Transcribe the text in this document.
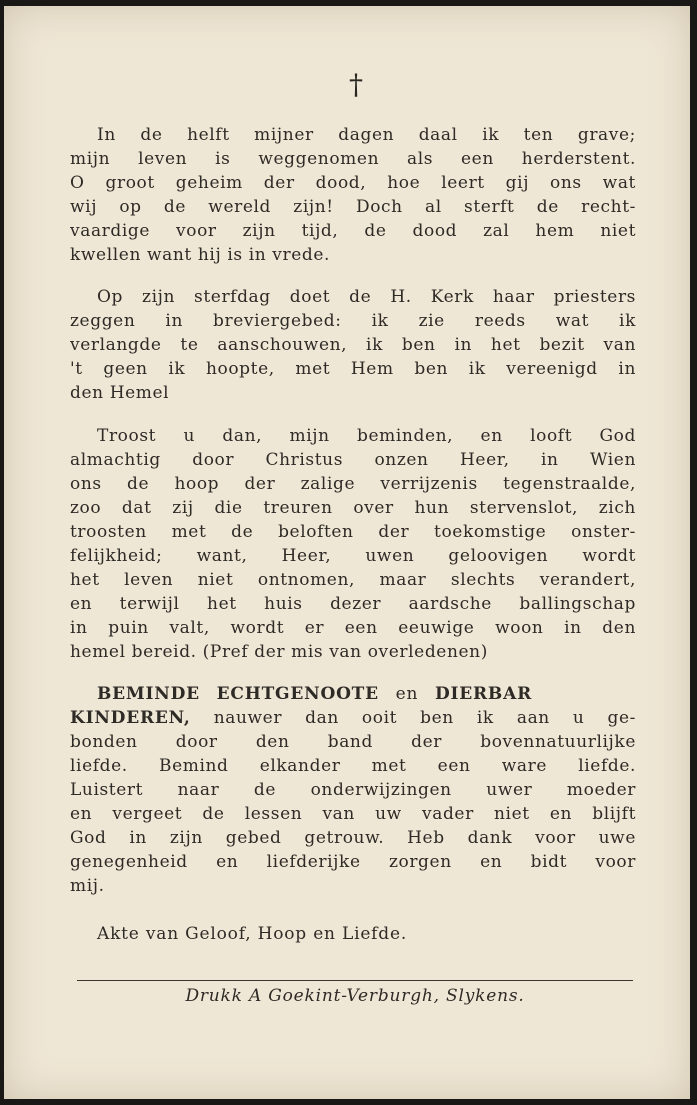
†
In de helft mijner dagen daal ik ten grave;
mijn leven is weggenomen als een herderstent.
O groot geheim der dood, hoe leert gij ons wat
wij op de wereld zijn! Doch al sterft de recht-
vaardige voor zijn tijd, de dood zal hem niet
kwellen want hij is in vrede.
Op zijn sterfdag doet de H. Kerk haar priesters
zeggen in breviergebed: ik zie reeds wat ik
verlangde te aanschouwen, ik ben in het bezit van
't geen ik hoopte, met Hem ben ik vereenigd in
den Hemel
Troost u dan, mijn beminden, en looft God
almachtig door Christus onzen Heer, in Wien
ons de hoop der zalige verrijzenis tegenstraalde,
zoo dat zij die treuren over hun stervenslot, zich
troosten met de beloften der toekomstige onster-
felijkheid; want, Heer, uwen geloovigen wordt
het leven niet ontnomen, maar slechts verandert,
en terwijl het huis dezer aardsche ballingschap
in puin valt, wordt er een eeuwige woon in den
hemel bereid. (Pref der mis van overledenen)
BEMINDE ECHTGENOOTE en DIERBAR
KINDEREN, nauwer dan ooit ben ik aan u ge-
bonden door den band der bovennatuurlijke
liefde. Bemind elkander met een ware liefde.
Luistert naar de onderwijzingen uwer moeder
en vergeet de lessen van uw vader niet en blijft
God in zijn gebed getrouw. Heb dank voor uwe
genegenheid en liefderijke zorgen en bidt voor
mij.
Akte van Geloof, Hoop en Liefde.
Drukk A Goekint-Verburgh, Slykens.
